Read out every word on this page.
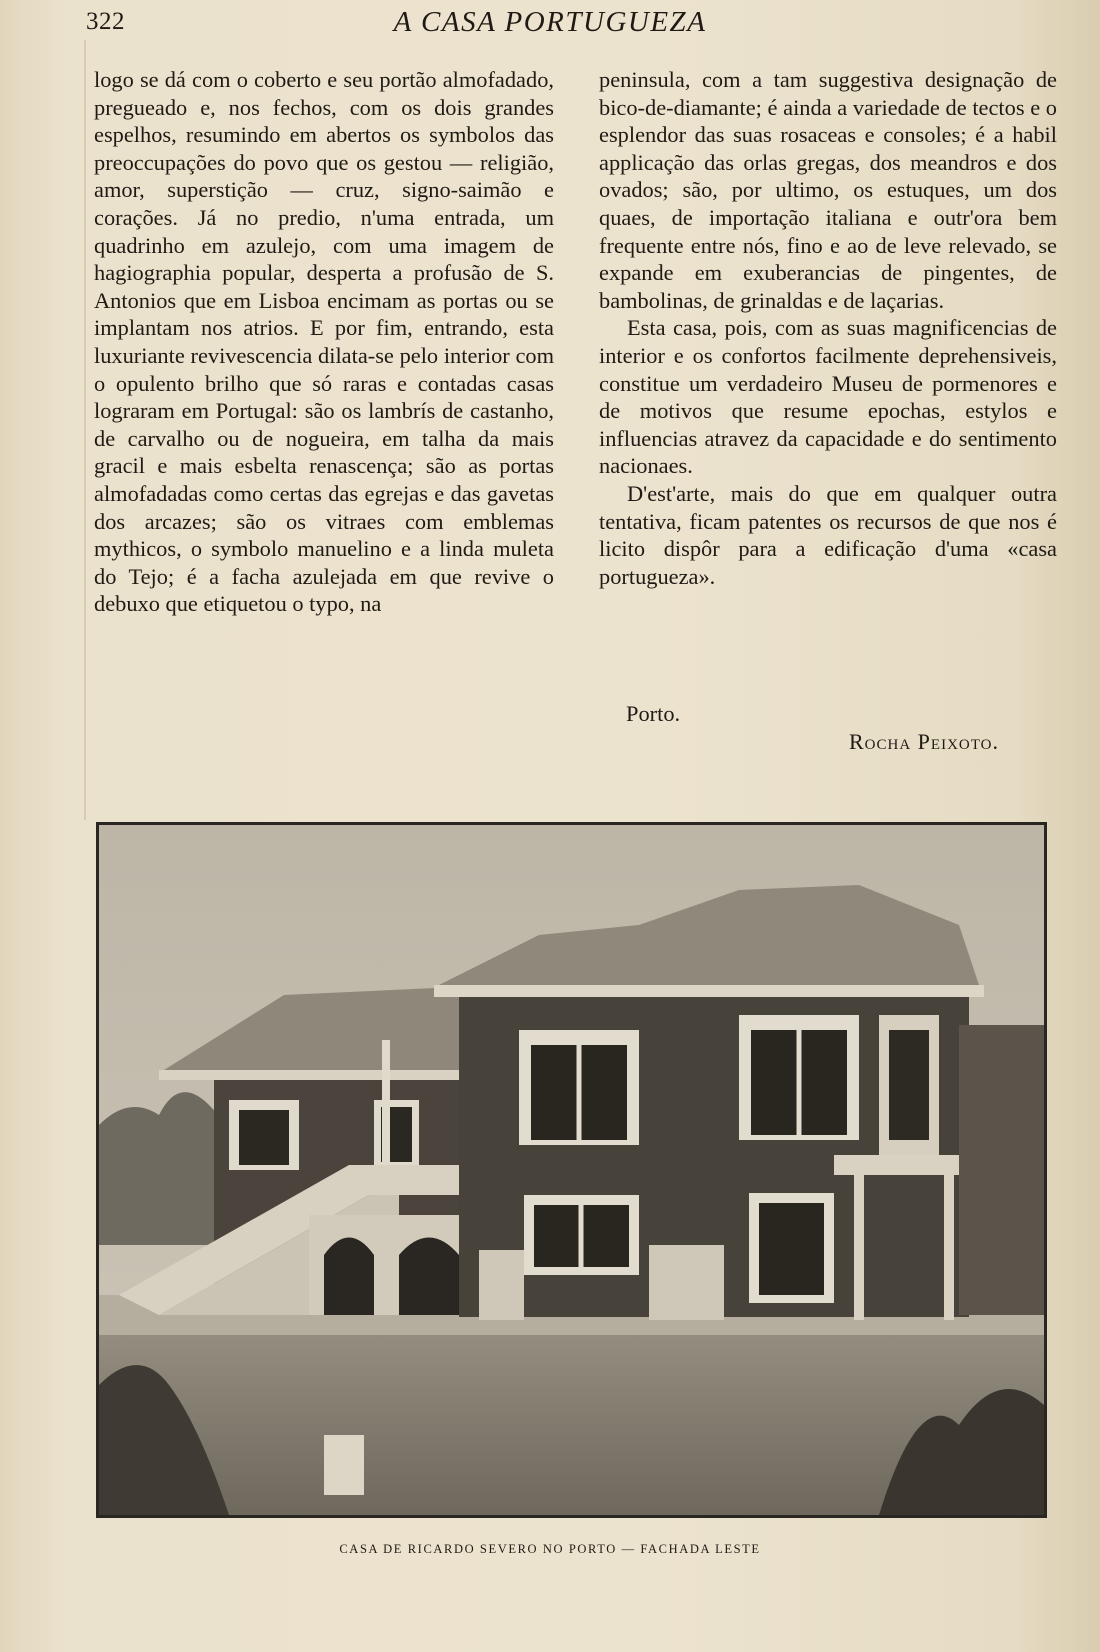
322	A CASA PORTUGUEZA

logo se dá com o coberto e seu portão almofadado, pregueado e, nos fechos, com os dois grandes espelhos, resumindo em abertos os symbolos das preoccupações do povo que os gestou — religião, amor, superstição — cruz, signo-saimão e corações. Já no predio, n'uma entrada, um quadrinho em azulejo, com uma imagem de hagiographia popular, desperta a profusão de S. Antonios que em Lisboa encimam as portas ou se implantam nos atrios. E por fim, entrando, esta luxuriante revivescencia dilata-se pelo interior com o opulento brilho que só raras e contadas casas lograram em Portugal: são os lambrís de castanho, de carvalho ou de nogueira, em talha da mais gracil e mais esbelta renascença; são as portas almofadadas como certas das egrejas e das gavetas dos arcazes; são os vitraes com emblemas mythicos, o symbolo manuelino e a linda muleta do Tejo; é a facha azulejada em que revive o debuxo que etiquetou o typo, na

peninsula, com a tam suggestiva designação de bico-de-diamante; é ainda a variedade de tectos e o esplendor das suas rosaceas e consoles; é a habil applicação das orlas gregas, dos meandros e dos ovados; são, por ultimo, os estuques, um dos quaes, de importação italiana e outr'ora bem frequente entre nós, fino e ao de leve relevado, se expande em exuberancias de pingentes, de bambolinas, de grinaldas e de laçarias.

Esta casa, pois, com as suas magnificencias de interior e os confortos facilmente deprehensiveis, constitue um verdadeiro Museu de pormenores e de motivos que resume epochas, estylos e influencias atravez da capacidade e do sentimento nacionaes.

D'est'arte, mais do que em qualquer outra tentativa, ficam patentes os recursos de que nos é licito dispôr para a edificação d'uma «casa portugueza».

Porto.
Rocha Peixoto.
CASA DE RICARDO SEVERO NO PORTO — FACHADA LESTE
